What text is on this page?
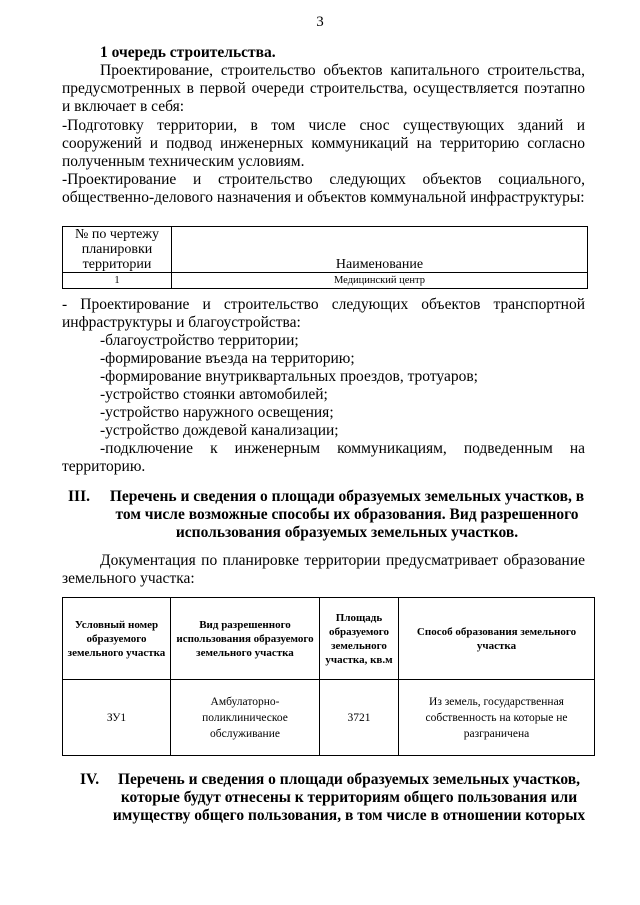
3
1 очередь строительства.
Проектирование, строительство объектов капитального строительства, предусмотренных в первой очереди строительства, осуществляется поэтапно и включает в себя:
-Подготовку территории, в том числе снос существующих зданий и сооружений и подвод инженерных коммуникаций на территорию согласно полученным техническим условиям.
-Проектирование и строительство следующих объектов социального, общественно-делового назначения и объектов коммунальной инфраструктуры:
№ по чертежу планировки территории	Наименование
1	Медицинский центр
- Проектирование и строительство следующих объектов транспортной инфраструктуры и благоустройства:
-благоустройство территории;
-формирование въезда на территорию;
-формирование внутриквартальных проездов, тротуаров;
-устройство стоянки автомобилей;
-устройство наружного освещения;
-устройство дождевой канализации;
-подключение к инженерным коммуникациям, подведенным на территорию.
III. Перечень и сведения о площади образуемых земельных участков, в том числе возможные способы их образования. Вид разрешенного использования образуемых земельных участков.
Документация по планировке территории предусматривает образование земельного участка:
Условный номер образуемого земельного участка	Вид разрешенного использования образуемого земельного участка	Площадь образуемого земельного участка, кв.м	Способ образования земельного участка
ЗУ1	Амбулаторно-поликлиническое обслуживание	3721	Из земель, государственная собственность на которые не разграничена
IV.	Перечень и сведения о площади образуемых земельных участков, которые будут отнесены к территориям общего пользования или имуществу общего пользования, в том числе в отношении которых
